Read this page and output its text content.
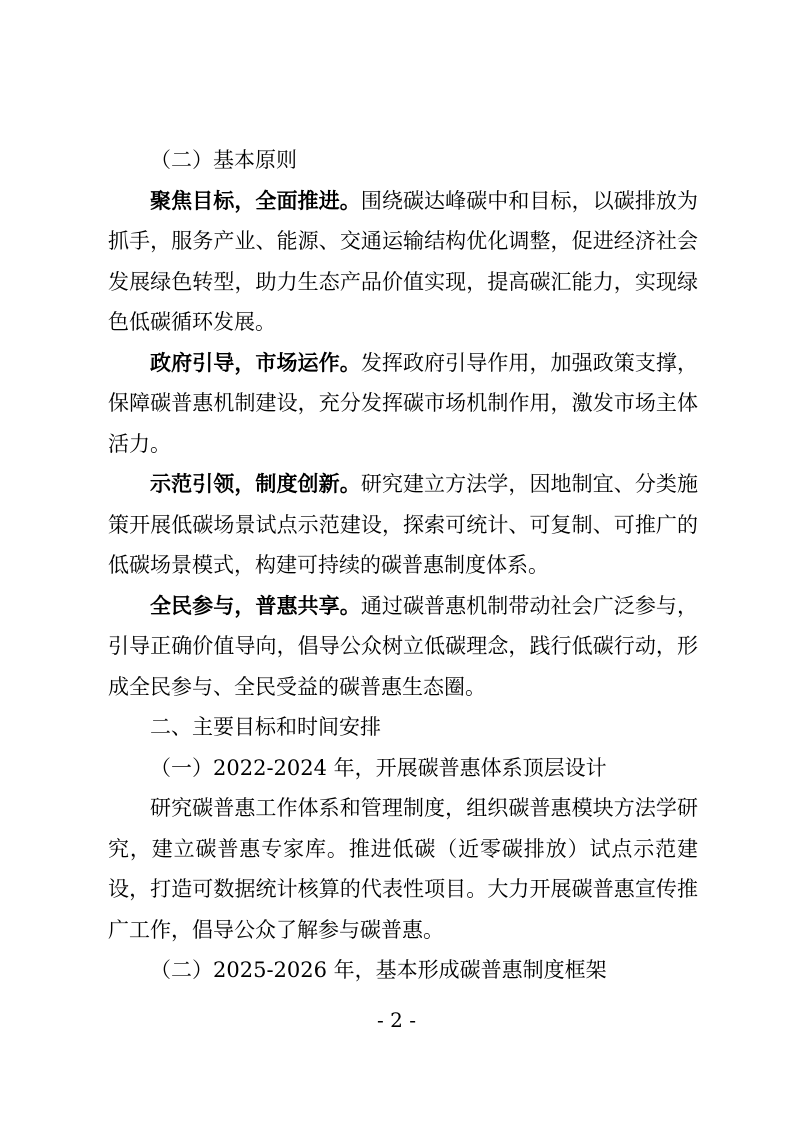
（二）基本原则

聚焦目标，全面推进。围绕碳达峰碳中和目标，以碳排放为抓手，服务产业、能源、交通运输结构优化调整，促进经济社会发展绿色转型，助力生态产品价值实现，提高碳汇能力，实现绿色低碳循环发展。

政府引导，市场运作。发挥政府引导作用，加强政策支撑，保障碳普惠机制建设，充分发挥碳市场机制作用，激发市场主体活力。

示范引领，制度创新。研究建立方法学，因地制宜、分类施策开展低碳场景试点示范建设，探索可统计、可复制、可推广的低碳场景模式，构建可持续的碳普惠制度体系。

全民参与，普惠共享。通过碳普惠机制带动社会广泛参与，引导正确价值导向，倡导公众树立低碳理念，践行低碳行动，形成全民参与、全民受益的碳普惠生态圈。

二、主要目标和时间安排

（一）2022-2024 年，开展碳普惠体系顶层设计

研究碳普惠工作体系和管理制度，组织碳普惠模块方法学研究，建立碳普惠专家库。推进低碳（近零碳排放）试点示范建设，打造可数据统计核算的代表性项目。大力开展碳普惠宣传推广工作，倡导公众了解参与碳普惠。

（二）2025-2026 年，基本形成碳普惠制度框架

- 2 -
